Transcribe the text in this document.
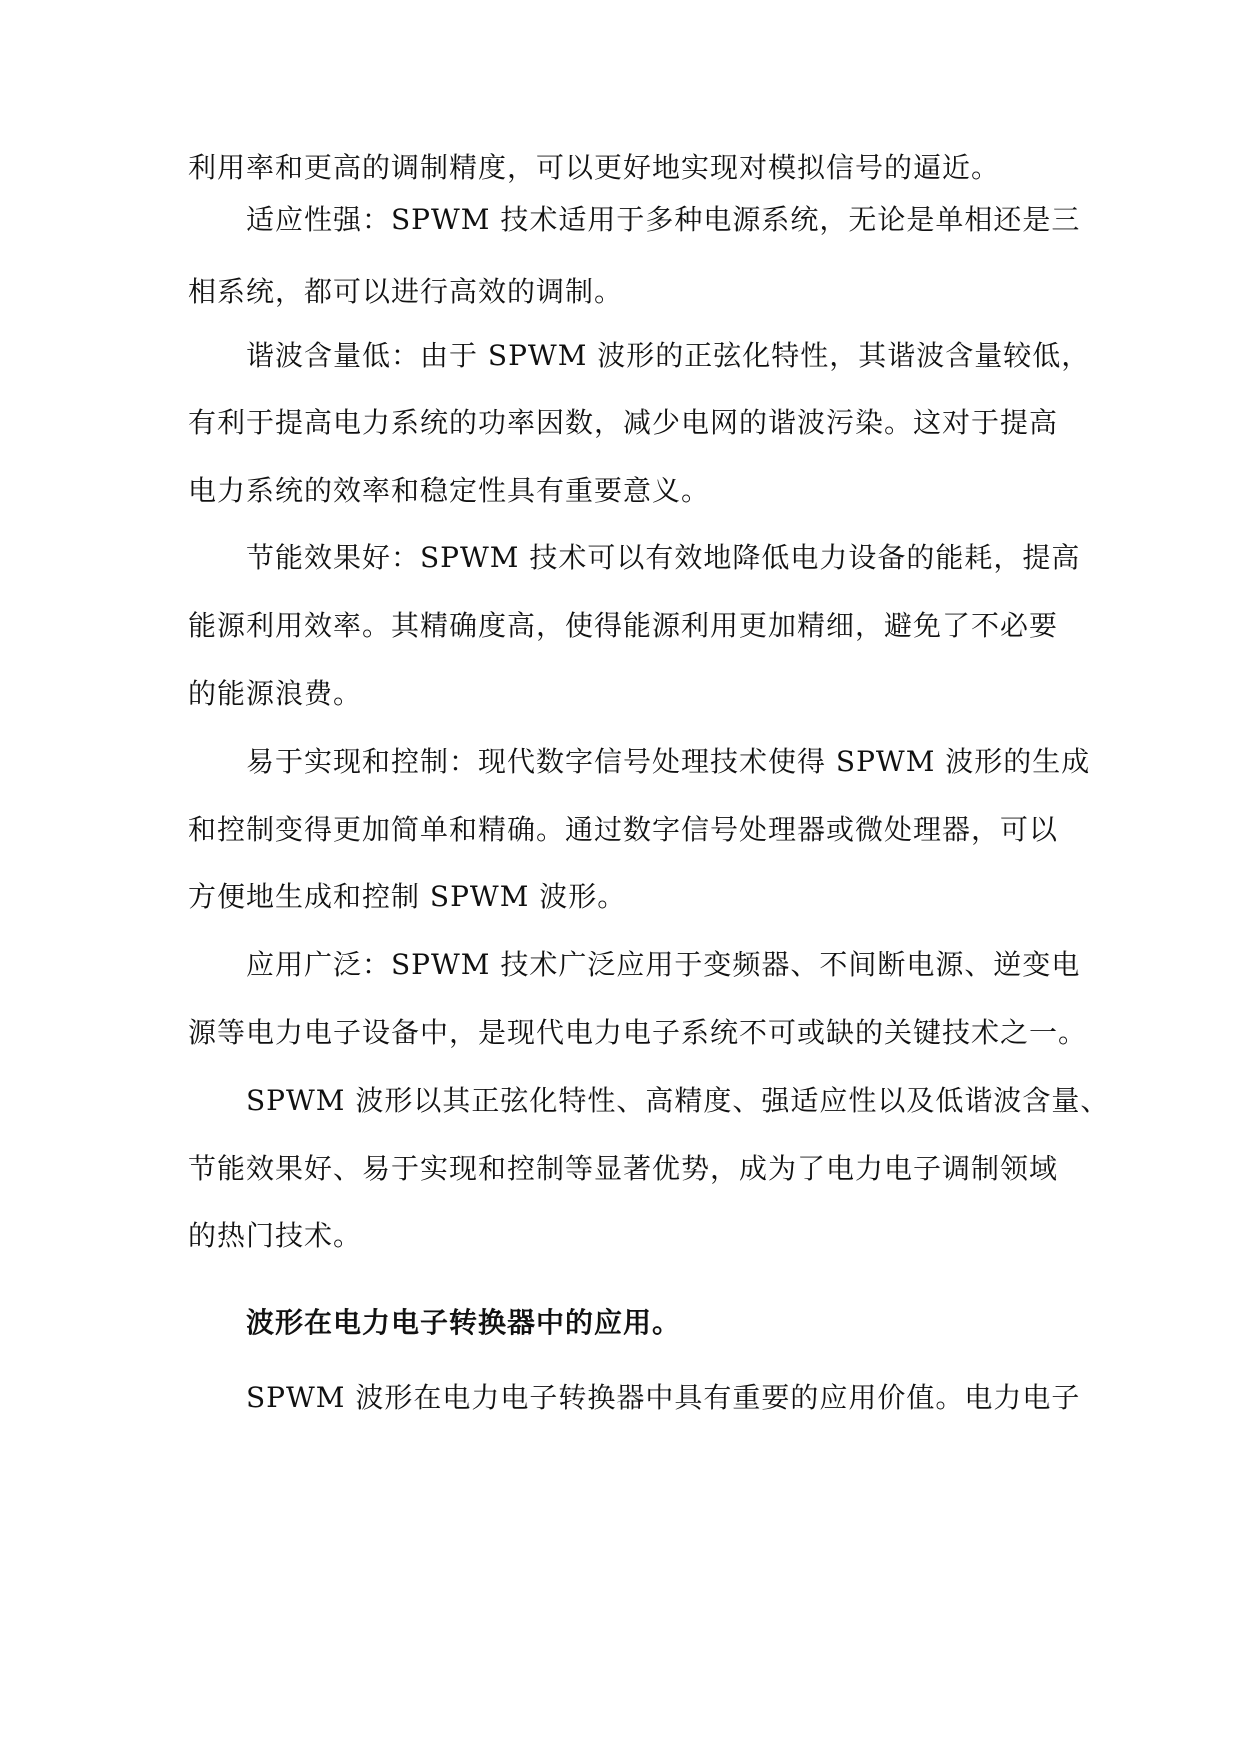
利用率和更高的调制精度，可以更好地实现对模拟信号的逼近。
适应性强：SPWM 技术适用于多种电源系统，无论是单相还是三
相系统，都可以进行高效的调制。
谐波含量低：由于 SPWM 波形的正弦化特性，其谐波含量较低，
有利于提高电力系统的功率因数，减少电网的谐波污染。这对于提高
电力系统的效率和稳定性具有重要意义。
节能效果好：SPWM 技术可以有效地降低电力设备的能耗，提高
能源利用效率。其精确度高，使得能源利用更加精细，避免了不必要
的能源浪费。
易于实现和控制：现代数字信号处理技术使得 SPWM 波形的生成
和控制变得更加简单和精确。通过数字信号处理器或微处理器，可以
方便地生成和控制 SPWM 波形。
应用广泛：SPWM 技术广泛应用于变频器、不间断电源、逆变电
源等电力电子设备中，是现代电力电子系统不可或缺的关键技术之一。
SPWM 波形以其正弦化特性、高精度、强适应性以及低谐波含量、
节能效果好、易于实现和控制等显著优势，成为了电力电子调制领域
的热门技术。
波形在电力电子转换器中的应用。
SPWM 波形在电力电子转换器中具有重要的应用价值。电力电子
